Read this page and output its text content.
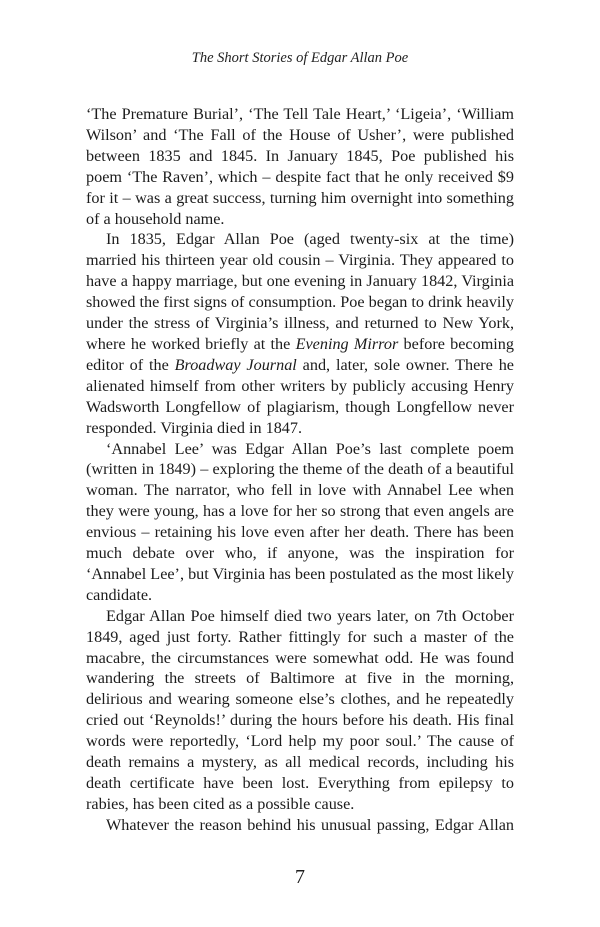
The Short Stories of Edgar Allan Poe

‘The Premature Burial’, ‘The Tell Tale Heart,’ ‘Ligeia’, ‘William Wilson’ and ‘The Fall of the House of Usher’, were published between 1835 and 1845. In January 1845, Poe published his poem ‘The Raven’, which – despite fact that he only received $9 for it – was a great success, turning him overnight into something of a household name.

In 1835, Edgar Allan Poe (aged twenty-six at the time) married his thirteen year old cousin – Virginia. They appeared to have a happy marriage, but one evening in January 1842, Virginia showed the first signs of consumption. Poe began to drink heavily under the stress of Virginia’s illness, and returned to New York, where he worked briefly at the Evening Mirror before becoming editor of the Broadway Journal and, later, sole owner. There he alienated himself from other writers by publicly accusing Henry Wadsworth Longfellow of plagiarism, though Longfellow never responded. Virginia died in 1847.

‘Annabel Lee’ was Edgar Allan Poe’s last complete poem (written in 1849) – exploring the theme of the death of a beautiful woman. The narrator, who fell in love with Annabel Lee when they were young, has a love for her so strong that even angels are envious – retaining his love even after her death. There has been much debate over who, if anyone, was the inspiration for ‘Annabel Lee’, but Virginia has been postulated as the most likely candidate.

Edgar Allan Poe himself died two years later, on 7th October 1849, aged just forty. Rather fittingly for such a master of the macabre, the circumstances were somewhat odd. He was found wandering the streets of Baltimore at five in the morning, delirious and wearing someone else’s clothes, and he repeatedly cried out ‘Reynolds!’ during the hours before his death. His final words were reportedly, ‘Lord help my poor soul.’ The cause of death remains a mystery, as all medical records, including his death certificate have been lost. Everything from epilepsy to rabies, has been cited as a possible cause.

Whatever the reason behind his unusual passing, Edgar Allan

7
